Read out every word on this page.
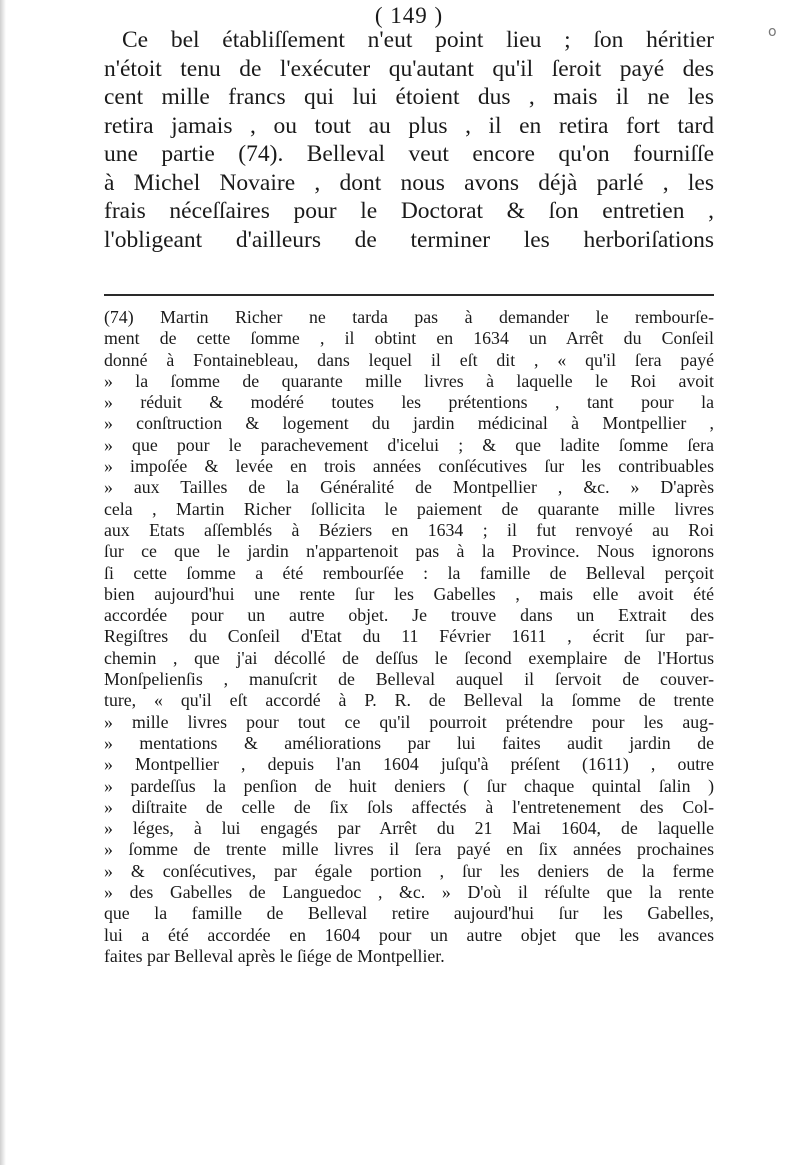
o
( 149 )

Ce bel établiſſement n'eut point lieu ; ſon héritier
n'étoit tenu de l'exécuter qu'autant qu'il ſeroit payé des
cent mille francs qui lui étoient dus , mais il ne les
retira jamais , ou tout au plus , il en retira fort tard
une partie (74). Belleval veut encore qu'on fourniſſe
à Michel Novaire , dont nous avons déjà parlé , les
frais néceſſaires pour le Doctorat & ſon entretien ,
l'obligeant d'ailleurs de terminer les herboriſations

(74) Martin Richer ne tarda pas à demander le rembourſe-
ment de cette ſomme , il obtint en 1634 un Arrêt du Conſeil
donné à Fontainebleau, dans lequel il eſt dit , « qu'il ſera payé
» la ſomme de quarante mille livres à laquelle le Roi avoit
» réduit & modéré toutes les prétentions , tant pour la
» conſtruction & logement du jardin médicinal à Montpellier ,
» que pour le parachevement d'icelui ; & que ladite ſomme ſera
» impoſée & levée en trois années conſécutives ſur les contribuables
» aux Tailles de la Généralité de Montpellier , &c. » D'après
cela , Martin Richer ſollicita le paiement de quarante mille livres
aux Etats aſſemblés à Béziers en 1634 ; il fut renvoyé au Roi
ſur ce que le jardin n'appartenoit pas à la Province. Nous ignorons
ſi cette ſomme a été rembourſée : la famille de Belleval perçoit
bien aujourd'hui une rente ſur les Gabelles , mais elle avoit été
accordée pour un autre objet. Je trouve dans un Extrait des
Regiſtres du Conſeil d'Etat du 11 Février 1611 , écrit ſur par-
chemin , que j'ai décollé de deſſus le ſecond exemplaire de l'Hortus
Monſpelienſis , manuſcrit de Belleval auquel il ſervoit de couver-
ture, « qu'il eſt accordé à P. R. de Belleval la ſomme de trente
» mille livres pour tout ce qu'il pourroit prétendre pour les aug-
» mentations & améliorations par lui faites audit jardin de
» Montpellier , depuis l'an 1604 juſqu'à préſent (1611) , outre
» pardeſſus la penſion de huit deniers ( ſur chaque quintal ſalin )
» diſtraite de celle de ſix ſols affectés à l'entretenement des Col-
» léges, à lui engagés par Arrêt du 21 Mai 1604, de laquelle
» ſomme de trente mille livres il ſera payé en ſix années prochaines
» & conſécutives, par égale portion , ſur les deniers de la ferme
» des Gabelles de Languedoc , &c. » D'où il réſulte que la rente
que la famille de Belleval retire aujourd'hui ſur les Gabelles,
lui a été accordée en 1604 pour un autre objet que les avances
faites par Belleval après le ſiége de Montpellier.
